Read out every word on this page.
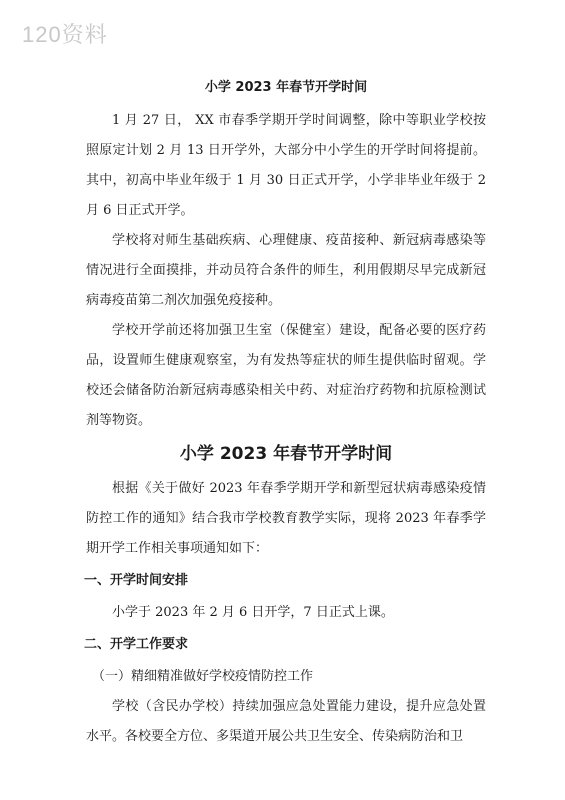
120资料
小学 2023 年春节开学时间

1 月 27 日， XX 市春季学期开学时间调整，除中等职业学校按照原定计划 2 月 13 日开学外，大部分中小学生的开学时间将提前。其中，初高中毕业年级于 1 月 30 日正式开学，小学非毕业年级于 2 月 6 日正式开学。

学校将对师生基础疾病、心理健康、疫苗接种、新冠病毒感染等情况进行全面摸排，并动员符合条件的师生，利用假期尽早完成新冠病毒疫苗第二剂次加强免疫接种。

学校开学前还将加强卫生室（保健室）建设，配备必要的医疗药品，设置师生健康观察室，为有发热等症状的师生提供临时留观。学校还会储备防治新冠病毒感染相关中药、对症治疗药物和抗原检测试剂等物资。

小学 2023 年春节开学时间

根据《关于做好 2023 年春季学期开学和新型冠状病毒感染疫情防控工作的通知》结合我市学校教育教学实际，现将 2023 年春季学期开学工作相关事项通知如下：

一、开学时间安排

小学于 2023 年 2 月 6 日开学，7 日正式上课。

二、开学工作要求
（一）精细精准做好学校疫情防控工作

学校（含民办学校）持续加强应急处置能力建设，提升应急处置水平。各校要全方位、多渠道开展公共卫生安全、传染病防治和卫
